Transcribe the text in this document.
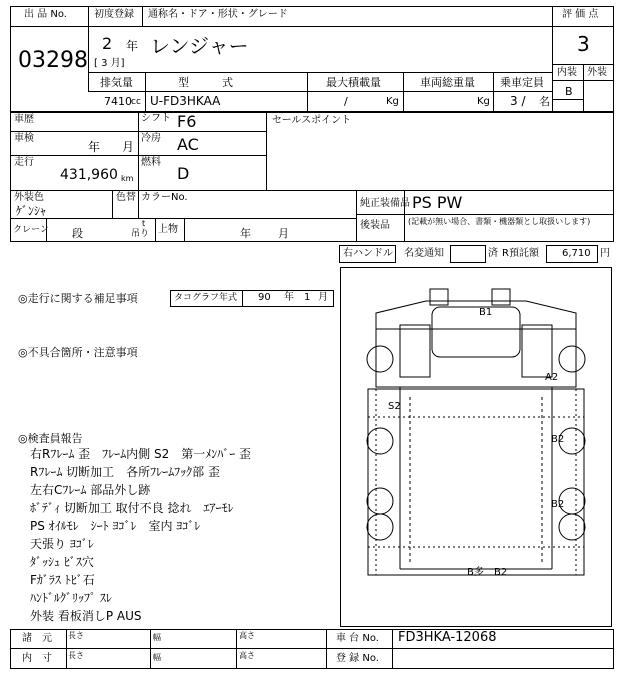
出 品 No.	初度登録 通称名・ドア・形状・グレード	評 価 点
03298
2 年
[ 3 月]
レンジャー	3
内装 外装
B
排気量	型　　　式	最大積載量	車両総重量 乗車定員
7410 cc U-FD3HKAA	/	Kg	Kg 3 / 名
車歴	シフト F6	セールスポイント
車検
年 月
冷房 AC
走行
431,960 km
燃料
D
外装色
ｹﾞﾝｼｬ
色替 カラーNo.
純正装備品 PS PW
後装品 (記載が無い場合、書類・機器類とし取扱いします)
クレーン 段
t
吊り 上物	年 月
右ハンドル 名変通知	済 R預託額 6,710 円
◎走行に関する補足事項	タコグラフ年式 90 年 1 月
◎不具合箇所・注意事項
◎検査員報告
右Rﾌﾚｰﾑ 歪　ﾌﾚｰﾑ内側 S2　第一ﾒﾝﾊﾞｰ 歪
Rﾌﾚｰﾑ 切断加工　各所ﾌﾚｰﾑﾌｯｸ部 歪
左右Cﾌﾚｰﾑ 部品外し跡
ﾎﾞﾃﾞｨ 切断加工 取付不良 捻れ　ｴｱｰﾓﾚ
PS ｵｲﾙﾓﾚ　ｼｰﾄ ﾖｺﾞﾚ　室内 ﾖｺﾞﾚ
天張り ﾖｺﾞﾚ
ﾀﾞｯｼｭ ﾋﾞｽ穴
Fｶﾞﾗｽ ﾄﾋﾞ石
ﾊﾝﾄﾞﾙｸﾞﾘｯﾌﾟ ｽﾚ
外装 看板消しP AUS
B1
A2
S2
B2
B2
B多 B2
諸　元
内　寸
長さ	幅	高さ
長さ	幅	高さ
車 台 No. FD3HKA-12068
登 録 No.
